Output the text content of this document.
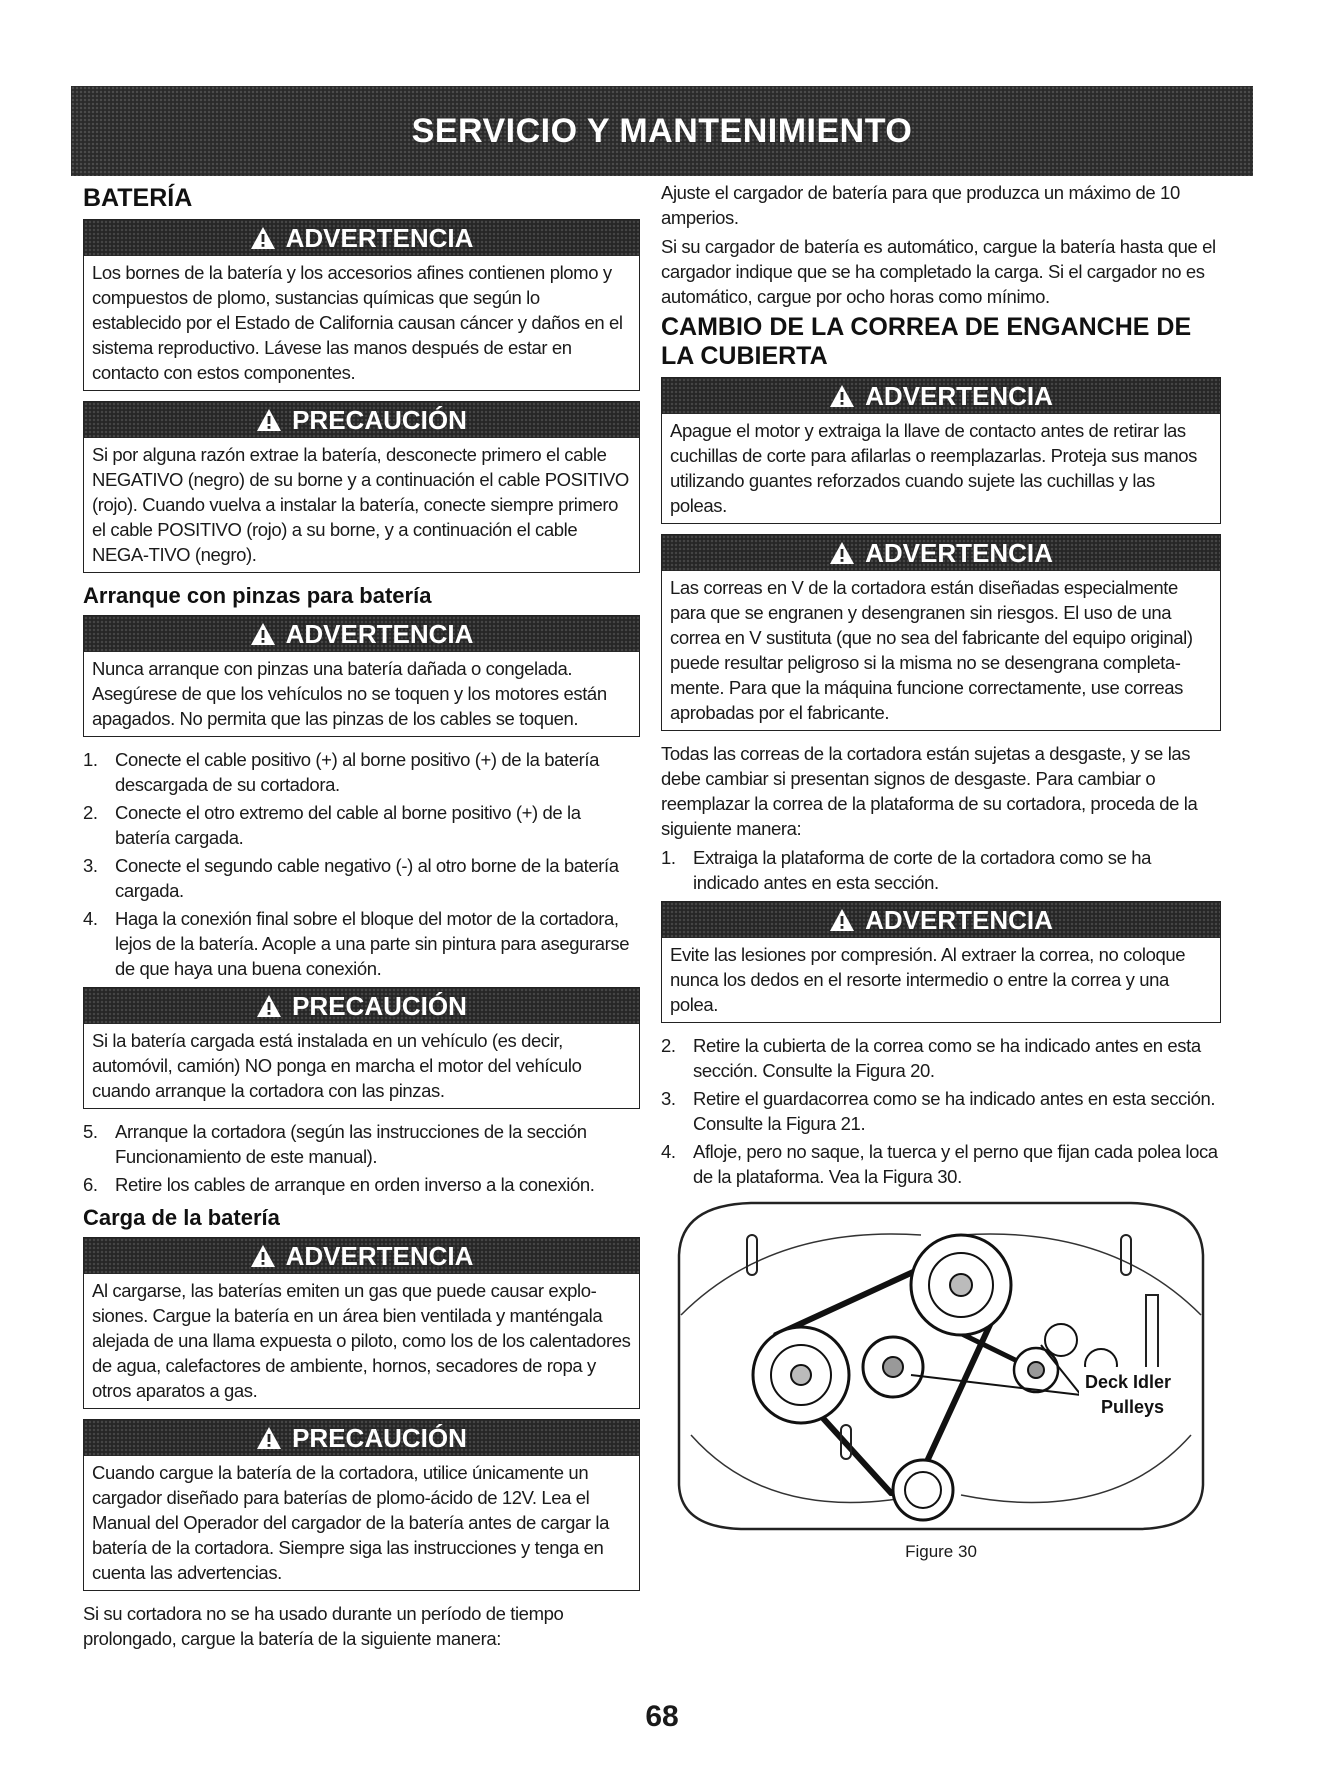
SERVICIO Y MANTENIMIENTO
BATERÍA
ADVERTENCIA
Los bornes de la batería y los accesorios afines contienen plomo y compuestos de plomo, sustancias químicas que según lo establecido por el Estado de California causan cáncer y daños en el sistema reproductivo. Lávese las manos después de estar en contacto con estos componentes.
PRECAUCIÓN
Si por alguna razón extrae la batería, desconecte primero el cable NEGATIVO (negro) de su borne y a continuación el cable POSITIVO (rojo). Cuando vuelva a instalar la batería, conecte siempre primero el cable POSITIVO (rojo) a su borne, y a continuación el cable NEGA-TIVO (negro).
Arranque con pinzas para batería
ADVERTENCIA
Nunca arranque con pinzas una batería dañada o congelada. Asegúrese de que los vehículos no se toquen y los motores están apagados. No permita que las pinzas de los cables se toquen.
1. Conecte el cable positivo (+) al borne positivo (+) de la batería descargada de su cortadora.
2. Conecte el otro extremo del cable al borne positivo (+) de la batería cargada.
3. Conecte el segundo cable negativo (-) al otro borne de la batería cargada.
4. Haga la conexión final sobre el bloque del motor de la cortadora, lejos de la batería. Acople a una parte sin pintura para asegurarse de que haya una buena conexión.
PRECAUCIÓN
Si la batería cargada está instalada en un vehículo (es decir, automóvil, camión) NO ponga en marcha el motor del vehículo cuando arranque la cortadora con las pinzas.
5. Arranque la cortadora (según las instrucciones de la sección Funcionamiento de este manual).
6. Retire los cables de arranque en orden inverso a la conexión.
Carga de la batería
ADVERTENCIA
Al cargarse, las baterías emiten un gas que puede causar explo-siones. Cargue la batería en un área bien ventilada y manténgala alejada de una llama expuesta o piloto, como los de los calentadores de agua, calefactores de ambiente, hornos, secadores de ropa y otros aparatos a gas.
PRECAUCIÓN
Cuando cargue la batería de la cortadora, utilice únicamente un cargador diseñado para baterías de plomo-ácido de 12V. Lea el Manual del Operador del cargador de la batería antes de cargar la batería de la cortadora. Siempre siga las instrucciones y tenga en cuenta las advertencias.

Si su cortadora no se ha usado durante un período de tiempo prolongado, cargue la batería de la siguiente manera:

Ajuste el cargador de batería para que produzca un máximo de 10 amperios.

Si su cargador de batería es automático, cargue la batería hasta que el cargador indique que se ha completado la carga. Si el cargador no es automático, cargue por ocho horas como mínimo.

CAMBIO DE LA CORREA DE ENGANCHE DE LA CUBIERTA
ADVERTENCIA
Apague el motor y extraiga la llave de contacto antes de retirar las cuchillas de corte para afilarlas o reemplazarlas. Proteja sus manos utilizando guantes reforzados cuando sujete las cuchillas y las poleas.
ADVERTENCIA
Las correas en V de la cortadora están diseñadas especialmente para que se engranen y desengranen sin riesgos. El uso de una correa en V sustituta (que no sea del fabricante del equipo original) puede resultar peligroso si la misma no se desengrana completa-mente. Para que la máquina funcione correctamente, use correas aprobadas por el fabricante.

Todas las correas de la cortadora están sujetas a desgaste, y se las debe cambiar si presentan signos de desgaste. Para cambiar o reemplazar la correa de la plataforma de su cortadora, proceda de la siguiente manera:

1. Extraiga la plataforma de corte de la cortadora como se ha indicado antes en esta sección.
ADVERTENCIA
Evite las lesiones por compresión. Al extraer la correa, no coloque nunca los dedos en el resorte intermedio o entre la correa y una polea.
2. Retire la cubierta de la correa como se ha indicado antes en esta sección. Consulte la Figura 20.
3. Retire el guardacorrea como se ha indicado antes en esta sección. Consulte la Figura 21.
4. Afloje, pero no saque, la tuerca y el perno que fijan cada polea loca de la plataforma. Vea la Figura 30.
Deck Idler
Pulleys
Figure 30
68
